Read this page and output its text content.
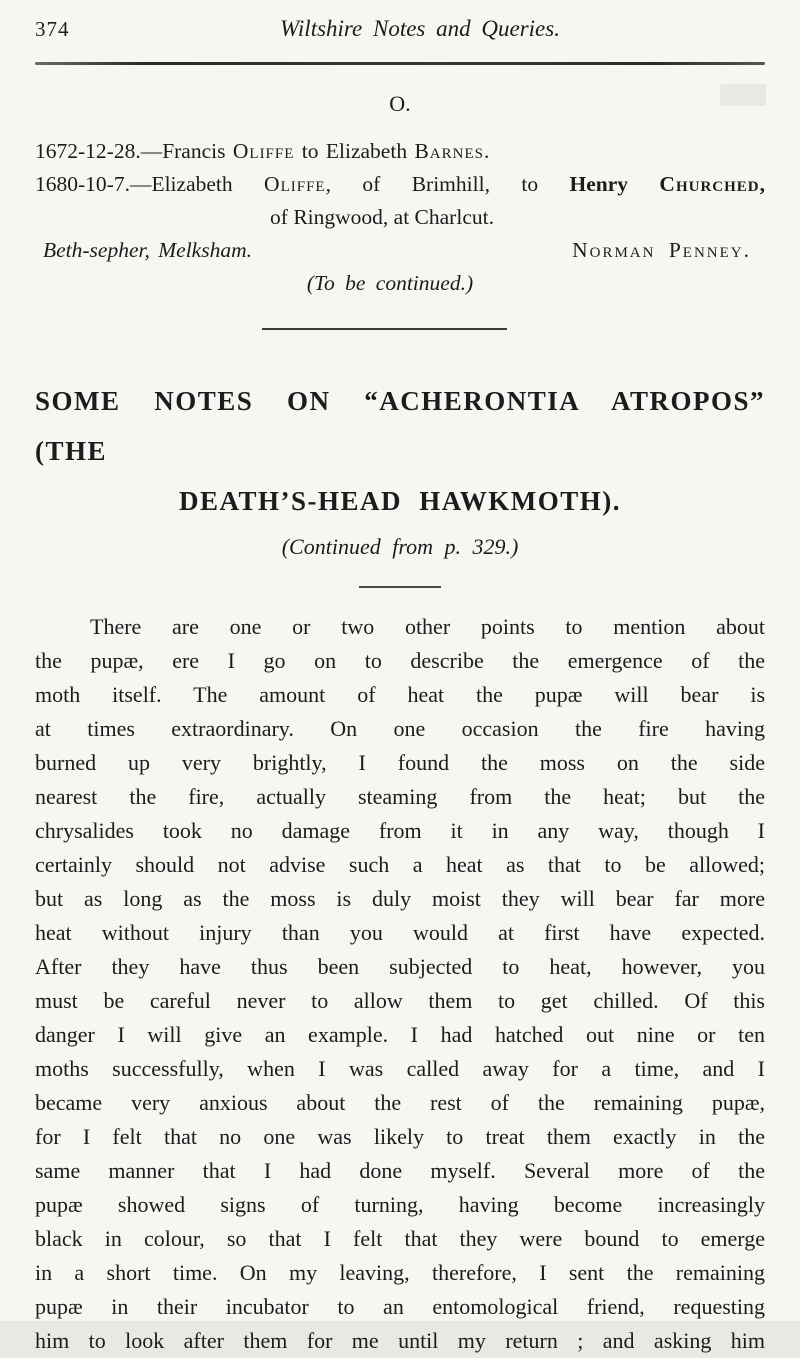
374	Wiltshire Notes and Queries.
O.
1672-12-28.—Francis Oliffe to Elizabeth Barnes.
1680-10-7.—Elizabeth Oliffe, of Brimhill, to Henry Churched,
of Ringwood, at Charlcut.
Beth-sepher, Melksham.	Norman Penney.
(To be continued.)
SOME NOTES ON “ACHERONTIA ATROPOS” (THE
DEATH’S-HEAD HAWKMOTH).
(Continued from p. 329.)
There are one or two other points to mention about
the pupæ, ere I go on to describe the emergence of the
moth itself. The amount of heat the pupæ will bear is
at times extraordinary. On one occasion the fire having
burned up very brightly, I found the moss on the side
nearest the fire, actually steaming from the heat; but the
chrysalides took no damage from it in any way, though I
certainly should not advise such a heat as that to be allowed;
but as long as the moss is duly moist they will bear far more
heat without injury than you would at first have expected.
After they have thus been subjected to heat, however, you
must be careful never to allow them to get chilled. Of this
danger I will give an example. I had hatched out nine or ten
moths successfully, when I was called away for a time, and I
became very anxious about the rest of the remaining pupæ,
for I felt that no one was likely to treat them exactly in the
same manner that I had done myself. Several more of the
pupæ showed signs of turning, having become increasingly
black in colour, so that I felt that they were bound to emerge
in a short time. On my leaving, therefore, I sent the remaining
pupæ in their incubator to an entomological friend, requesting
him to look after them for me until my return ; and asking him
